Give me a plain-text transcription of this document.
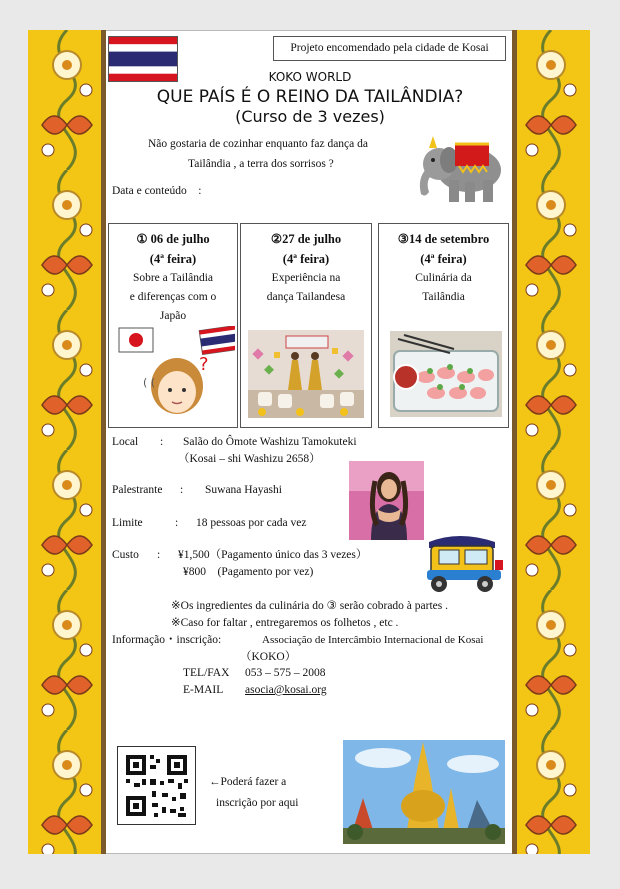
Projeto encomendado pela cidade de Kosai
KOKO WORLD
QUE PAÍS É O REINO DA TAILÂNDIA?
(Curso de 3 vezes)
Não gostaria de cozinhar enquanto faz dança da
Tailândia , a terra dos sorrisos ?
Data e conteúdo　:
① 06 de julho
(4ª feira)
Sobre a Tailândia
e diferenças com o
Japão
?
( (
②27 de julho
(4ª feira)
Experiência na
dança Tailandesa
③14 de setembro
(4ª feira)
Culinária da
Tailândia
Local : Salão do Ômote Washizu Tamokuteki
（Kosai – shi Washizu 2658）
Palestrante : Suwana Hayashi
Limite	: 18 pessoas por cada vez
Custo : ¥1,500（Pagamento único das 3 vezes）
¥800　(Pagamento por vez)
※Os ingredientes da culinária do ③ serão cobrado à partes .
※Caso for faltar , entregaremos os folhetos , etc .
Informação・inscrição:	Associação de Intercâmbio Internacional de Kosai
（KOKO）
TEL/FAX 053 – 575 – 2008
E-MAIL asocia@kosai.org
←Poderá fazer a
inscrição por aqui
